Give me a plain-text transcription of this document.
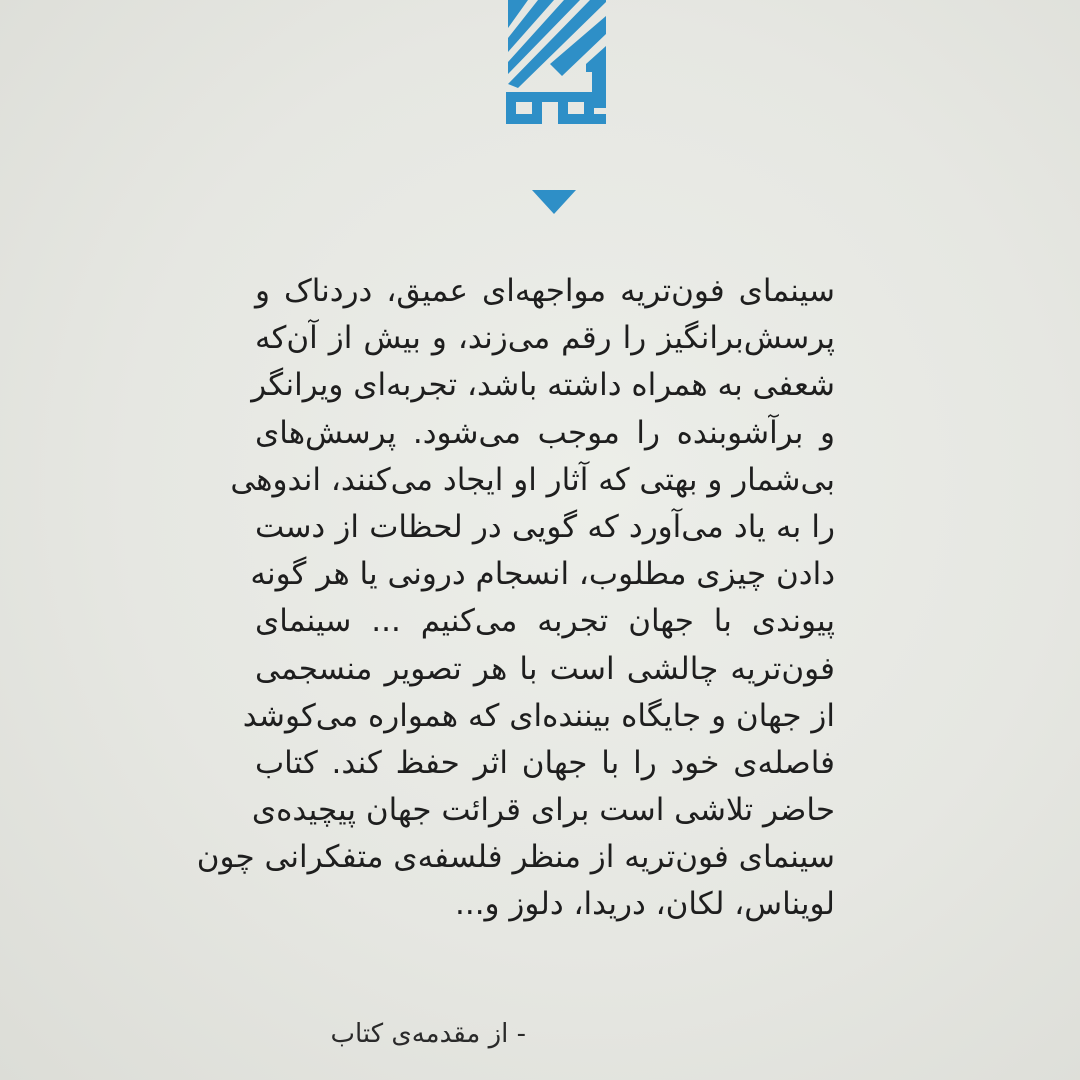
سینمای فون‌تریه مواجهه‌ای عمیق، دردناک و
پرسش‌برانگیز را رقم می‌زند، و بیش از آن‌که
شعفی به همراه داشته باشد، تجربه‌ای ویرانگر
و برآشوبنده را موجب می‌شود. پرسش‌های
بی‌شمار و بهتی که آثار او ایجاد می‌کنند، اندوهی
را به یاد می‌آورد که گویی در لحظات از دست
دادن چیزی مطلوب، انسجام درونی یا هر گونه
پیوندی با جهان تجربه می‌کنیم ... سینمای
فون‌تریه چالشی است با هر تصویر منسجمی
از جهان و جایگاه بیننده‌ای که همواره می‌کوشد
فاصله‌ی خود را با جهان اثر حفظ کند. کتاب
حاضر تلاشی است برای قرائت جهان پیچیده‌ی
سینمای فون‌تریه از منظر فلسفه‌ی متفکرانی چون
لویناس، لکان، دریدا، دلوز و...
- از مقدمه‌ی کتاب
